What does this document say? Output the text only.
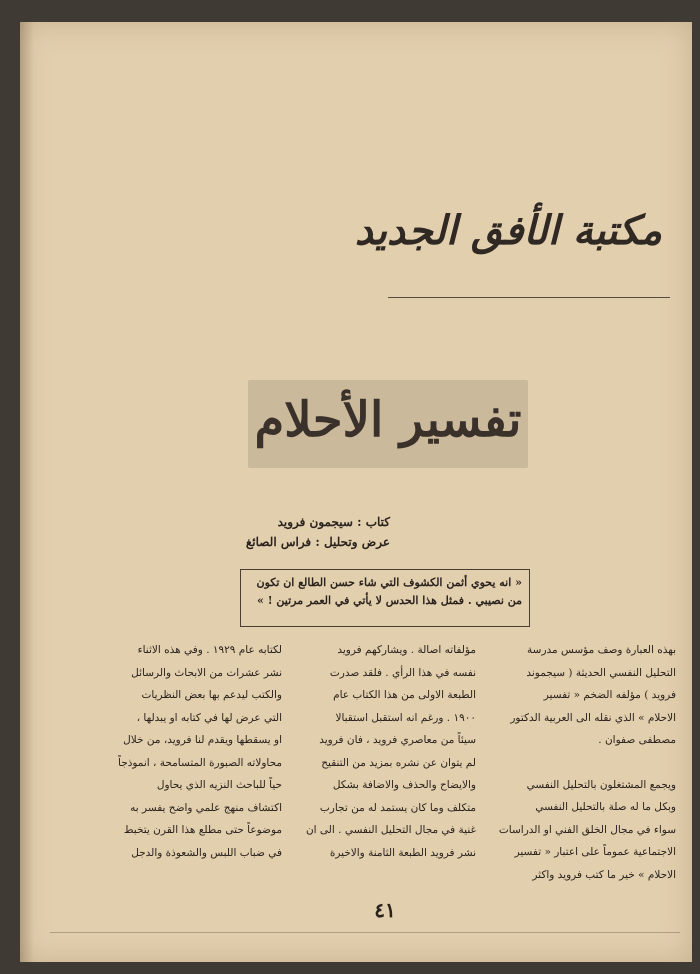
مكتبة الأفق الجديد
تفسير الأحلام
كتاب : سيجمون فرويد
عرض وتحليل : فراس الصائغ
« انه يحوي أثمن الكشوف التي شاء حسن الطالع ان تكون
من نصيبي . فمثل هذا الحدس لا يأتي في العمر مرتين ! »
بهذه العبارة وصف مؤسس مدرسة
التحليل النفسي الحديثة ( سيجموند
فرويد ) مؤلفه الضخم « تفسير
الاحلام » الذي نقله الى العربية الدكتور
مصطفى صفوان .
ويجمع المشتغلون بالتحليل النفسي
وبكل ما له صلة بالتحليل النفسي
سواء في مجال الخلق الفني او الدراسات
الاجتماعية عموماً على اعتبار « تفسير
الاحلام » خير ما كتب فرويد واكثر
مؤلفاته اصالة . ويشاركهم فرويد
نفسه في هذا الرأي . فلقد صدرت
الطبعة الاولى من هذا الكتاب عام
١٩٠٠ . ورغم انه استقبل استقبالا
سيئاً من معاصري فرويد ، فان فرويد
لم يتوان عن نشره بمزيد من التنقيح
والايضاح والحذف والاضافة بشكل
متكلف وما كان يستمد له من تجارب
غنية في مجال التحليل النفسي . الى ان
نشر فرويد الطبعة الثامنة والاخيرة
لكتابه عام ١٩٢٩ . وفي هذه الاثناء
نشر عشرات من الابحاث والرسائل
والكتب ليدعم بها بعض النظريات
التي عرض لها في كتابه او يبدلها ،
او يسقطها ويقدم لنا فرويد، من خلال
محاولاته الصبورة المتسامحة ، انموذجاً
حياً للباحث النزيه الذي يحاول
اكتشاف منهج علمي واضح يفسر به
موضوعاً حتى مطلع هذا القرن يتخبط
في ضباب اللبس والشعوذة والدجل
٤١
